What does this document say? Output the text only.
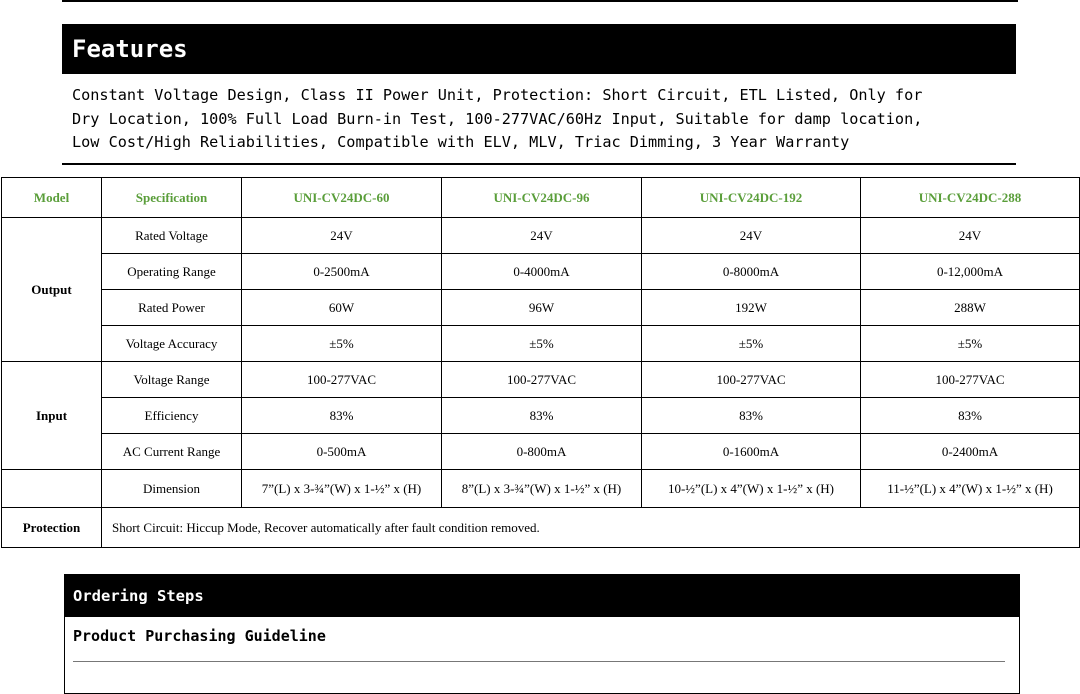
Features
Constant Voltage Design, Class II Power Unit, Protection: Short Circuit, ETL Listed, Only for
Dry Location, 100% Full Load Burn-in Test, 100-277VAC/60Hz Input, Suitable for damp location,
Low Cost/High Reliabilities, Compatible with ELV, MLV, Triac Dimming, 3 Year Warranty
Model	Specification	UNI-CV24DC-60	UNI-CV24DC-96	UNI-CV24DC-192	UNI-CV24DC-288
Output	Rated Voltage	24V	24V	24V	24V
	Operating Range	0-2500mA	0-4000mA	0-8000mA	0-12,000mA
	Rated Power	60W	96W	192W	288W
	Voltage Accuracy	±5%	±5%	±5%	±5%
Input	Voltage Range	100-277VAC	100-277VAC	100-277VAC	100-277VAC
	Efficiency	83%	83%	83%	83%
	AC Current Range	0-500mA	0-800mA	0-1600mA	0-2400mA
	Dimension	7”(L) x 3-¾”(W) x 1-½” x (H)	8”(L) x 3-¾”(W) x 1-½” x (H)	10-½”(L) x 4”(W) x 1-½” x (H)	11-½”(L) x 4”(W) x 1-½” x (H)
Protection	Short Circuit: Hiccup Mode, Recover automatically after fault condition removed.				
Ordering Steps
Product Purchasing Guideline
